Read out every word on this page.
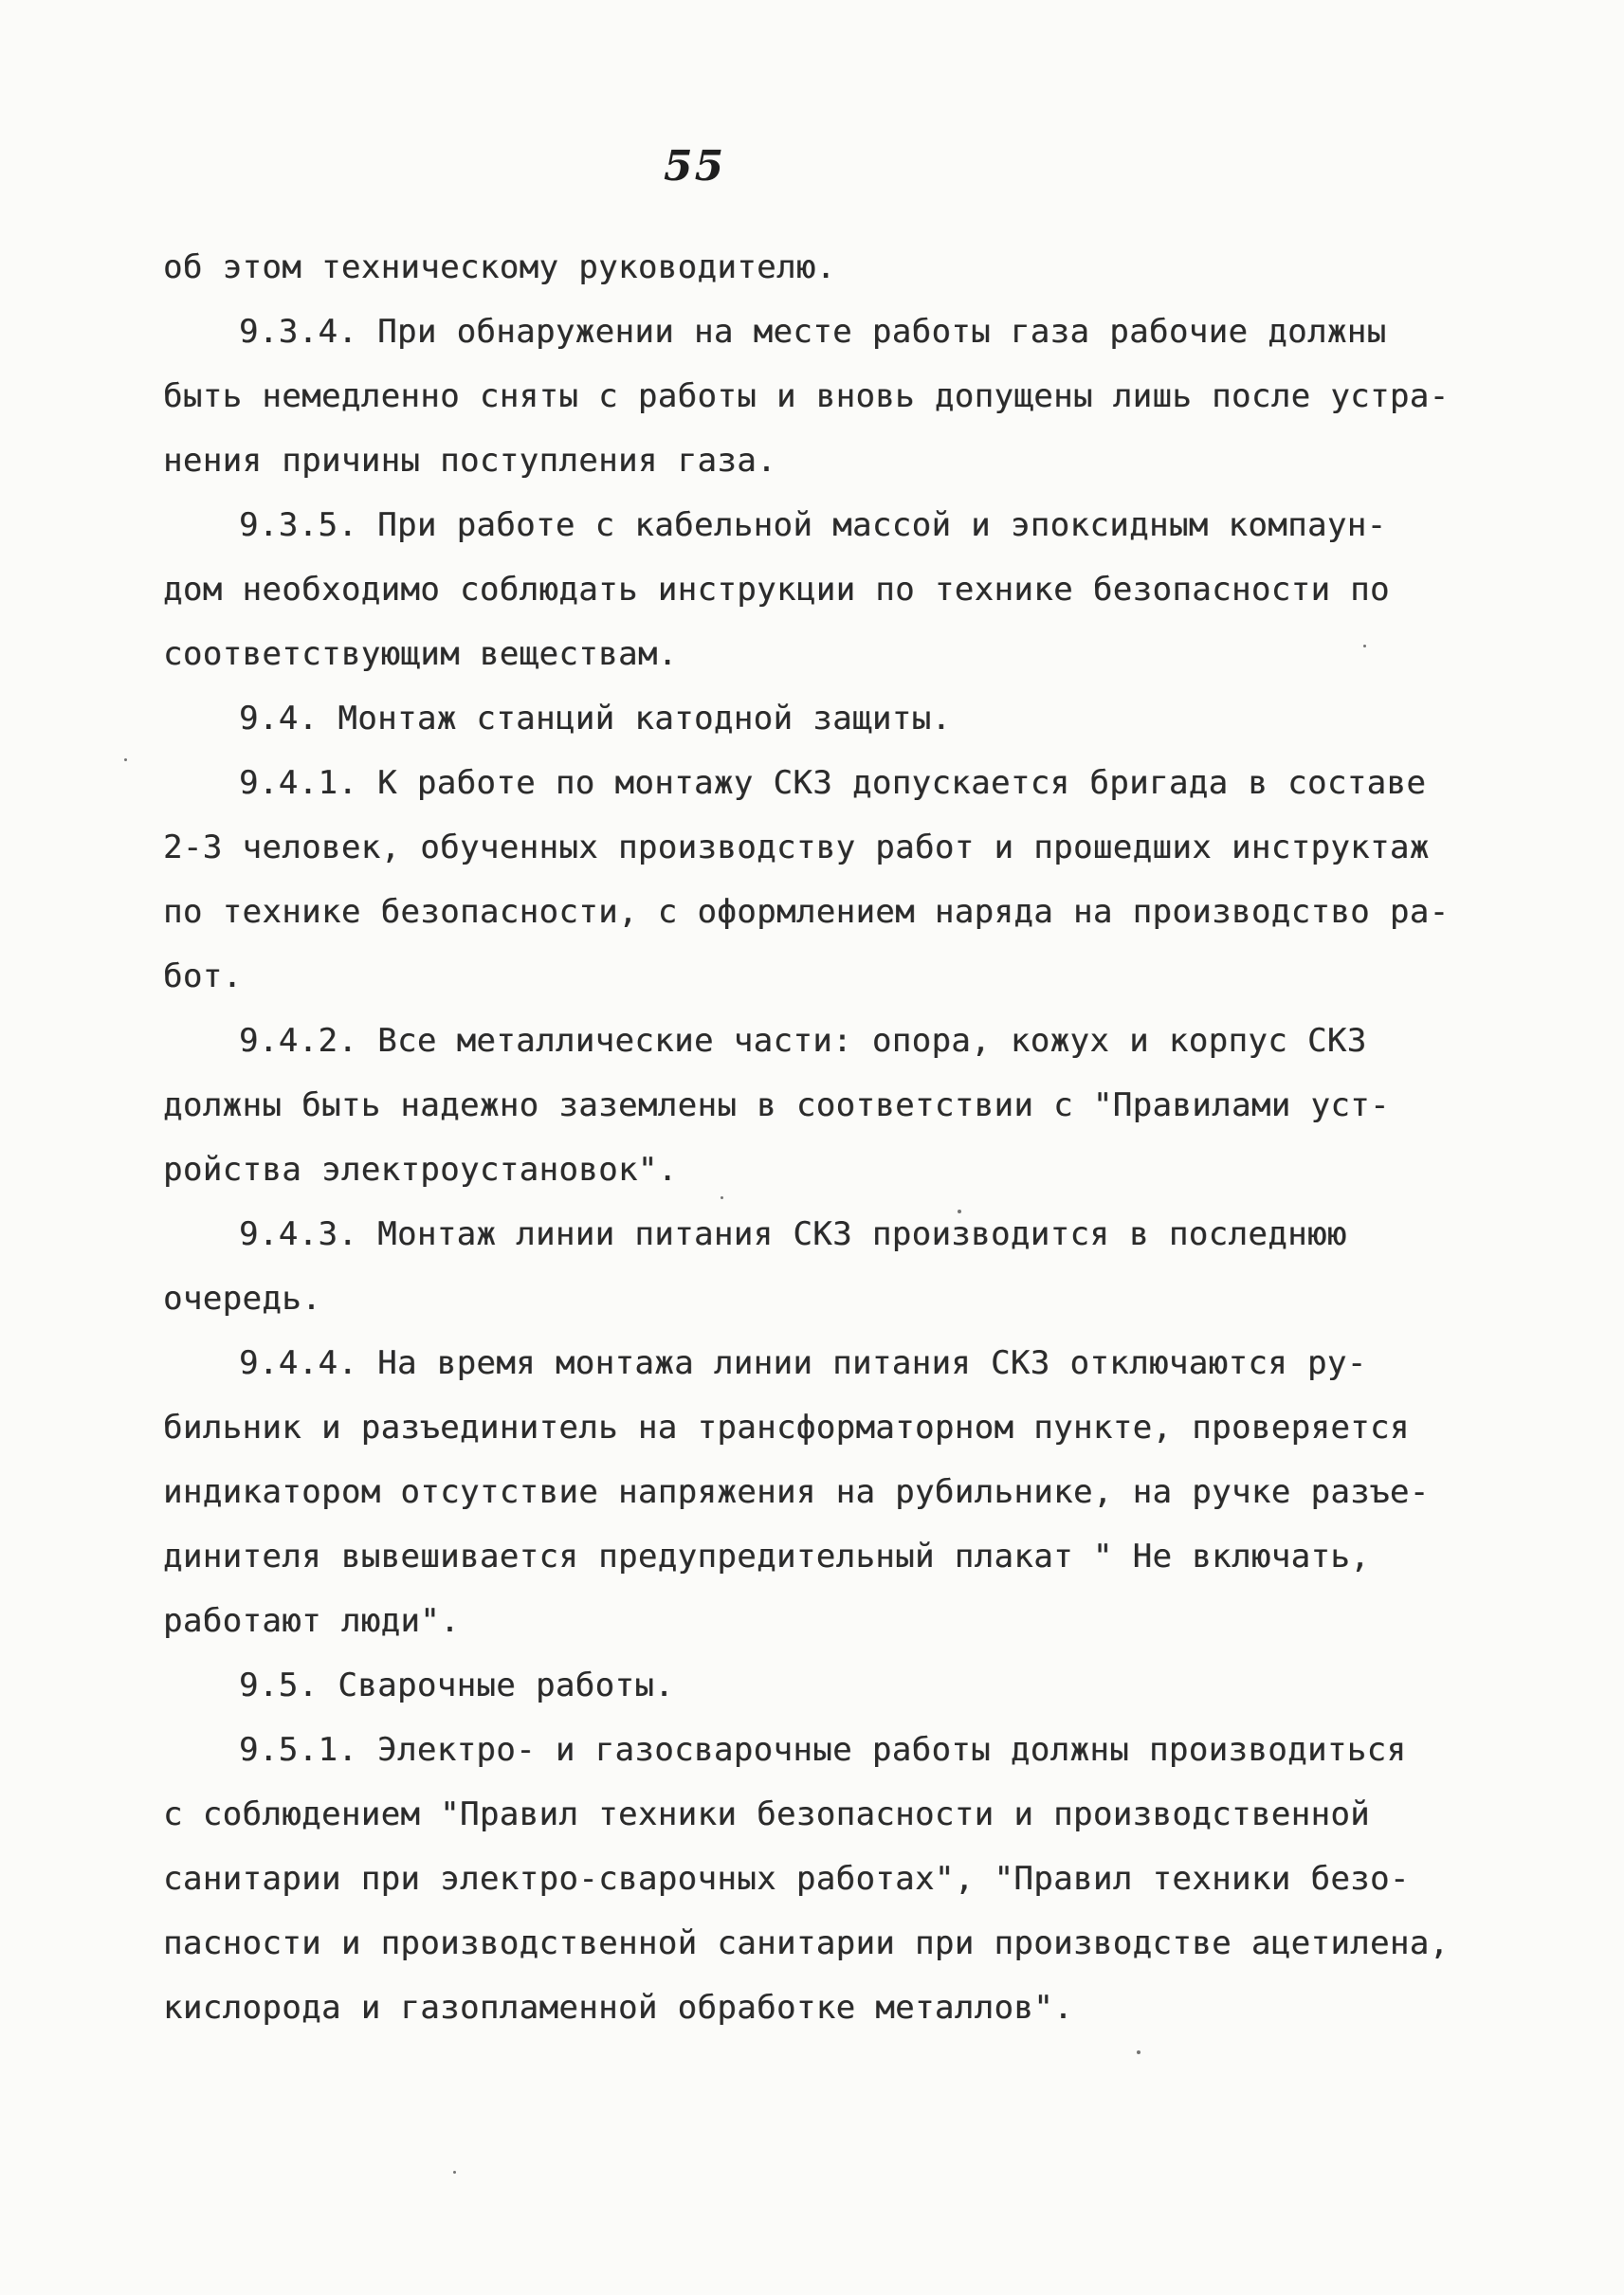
55
об этом техническому руководителю.
9.3.4. При обнаружении на месте работы газа рабочие должны
быть немедленно сняты с работы и вновь допущены лишь после устра-
нения причины поступления газа.
9.3.5. При работе с кабельной массой и эпоксидным компаун-
дом необходимо соблюдать инструкции по технике безопасности по
соответствующим веществам.
9.4. Монтаж станций катодной защиты.
9.4.1. К работе по монтажу СКЗ допускается бригада в составе
2-3 человек, обученных производству работ и прошедших инструктаж
по технике безопасности, с оформлением наряда на производство ра-
бот.
9.4.2. Все металлические части: опора, кожух и корпус СКЗ
должны быть надежно заземлены в соответствии с "Правилами уст-
ройства электроустановок".
9.4.3. Монтаж линии питания СКЗ производится в последнюю
очередь.
9.4.4. На время монтажа линии питания СКЗ отключаются ру-
бильник и разъединитель на трансформаторном пункте, проверяется
индикатором отсутствие напряжения на рубильнике, на ручке разъе-
динителя вывешивается предупредительный плакат " Не включать,
работают люди".
9.5. Сварочные работы.
9.5.1. Электро- и газосварочные работы должны производиться
с соблюдением "Правил техники безопасности и производственной
санитарии при электро-сварочных работах", "Правил техники безо-
пасности и производственной санитарии при производстве ацетилена,
кислорода и газопламенной обработке металлов".
